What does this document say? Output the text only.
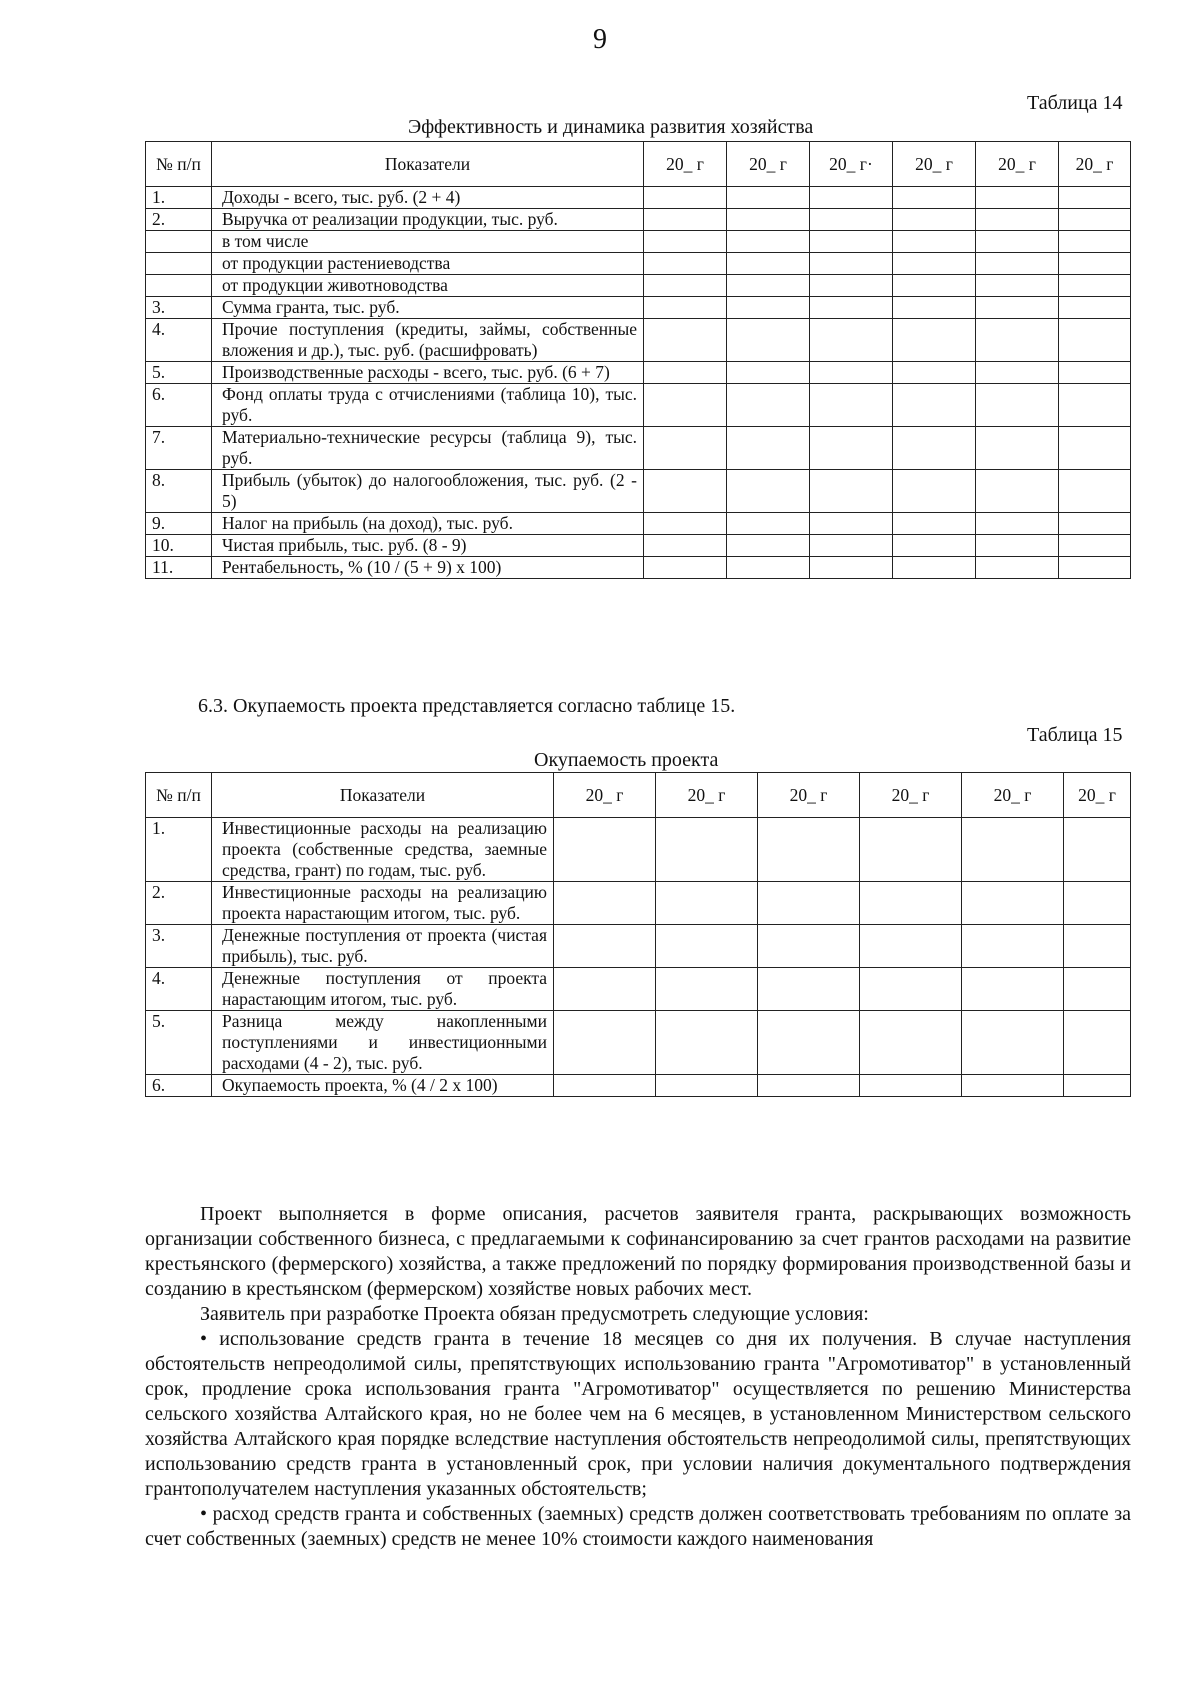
9
Таблица 14
Эффективность и динамика развития хозяйства
№ п/п	Показатели	20_ г	20_ г	20_ г·	20_ г	20_ г	20_ г
1.	Доходы - всего, тыс. руб. (2 + 4)						
2.	Выручка от реализации продукции, тыс. руб.						
	в том числе						
	от продукции растениеводства						
	от продукции животноводства						
3.	Сумма гранта, тыс. руб.						
4.	Прочие поступления (кредиты, займы, собственные вложения и др.), тыс. руб. (расшифровать)						
5.	Производственные расходы - всего, тыс. руб. (6 + 7)						
6.	Фонд оплаты труда с отчислениями (таблица 10), тыс. руб.						
7.	Материально-технические ресурсы (таблица 9), тыс. руб.						
8.	Прибыль (убыток) до налогообложения, тыс. руб. (2 - 5)						
9.	Налог на прибыль (на доход), тыс. руб.						
10.	Чистая прибыль, тыс. руб. (8 - 9)						
11.	Рентабельность, % (10 / (5 + 9) х 100)						
6.3. Окупаемость проекта представляется согласно таблице 15.
Таблица 15
Окупаемость проекта
№ п/п	Показатели	20_ г	20_ г	20_ г	20_ г	20_ г	20_ г
1.	Инвестиционные расходы на реализацию проекта (собственные средства, заемные средства, грант) по годам, тыс. руб.						
2.	Инвестиционные расходы на реализацию проекта нарастающим итогом, тыс. руб.						
3.	Денежные поступления от проекта (чистая прибыль), тыс. руб.						
4.	Денежные поступления от проекта нарастающим итогом, тыс. руб.						
5.	Разница между накопленными поступлениями и инвестиционными расходами (4 - 2), тыс. руб.						
6.	Окупаемость проекта, % (4 / 2 х 100)						

Проект выполняется в форме описания, расчетов заявителя гранта, раскрывающих возможность организации собственного бизнеса, с предлагаемыми к софинансированию за счет грантов расходами на развитие крестьянского (фермерского) хозяйства, а также предложений по порядку формирования производственной базы и созданию в крестьянском (фермерском) хозяйстве новых рабочих мест.

Заявитель при разработке Проекта обязан предусмотреть следующие условия:

• использование средств гранта в течение 18 месяцев со дня их получения. В случае наступления обстоятельств непреодолимой силы, препятствующих использованию гранта "Агромотиватор" в установленный срок, продление срока использования гранта "Агромотиватор" осуществляется по решению Министерства сельского хозяйства Алтайского края, но не более чем на 6 месяцев, в установленном Министерством сельского хозяйства Алтайского края порядке вследствие наступления обстоятельств непреодолимой силы, препятствующих использованию средств гранта в установленный срок, при условии наличия документального подтверждения грантополучателем наступления указанных обстоятельств;

• расход средств гранта и собственных (заемных) средств должен соответствовать требованиям по оплате за счет собственных (заемных) средств не менее 10% стоимости каждого наименования
